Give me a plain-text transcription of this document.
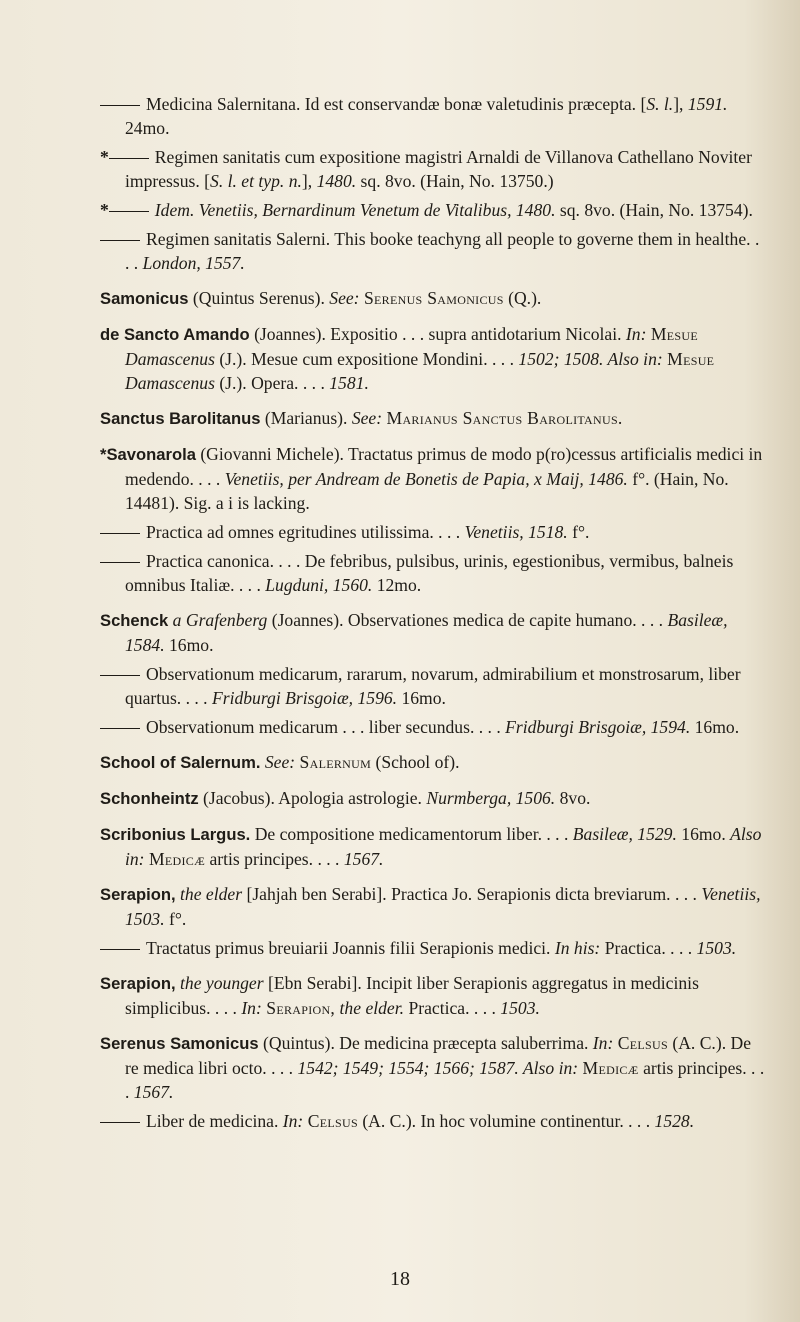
Medicina Salernitana. Id est conservandæ bonæ valetudinis præcepta. [S. l.], 1591. 24mo.

*	Regimen sanitatis cum expositione magistri Arnaldi de Villanova Cathellano Noviter impressus. [S. l. et typ. n.], 1480. sq. 8vo. (Hain, No. 13750.)

*	Idem. Venetiis, Bernardinum Venetum de Vitalibus, 1480. sq. 8vo. (Hain, No. 13754).

Regimen sanitatis Salerni. This booke teachyng all people to governe them in healthe. . . . London, 1557.

Samonicus (Quintus Serenus). See: Serenus Samonicus (Q.).

de Sancto Amando (Joannes). Expositio . . . supra antidotarium Nicolai. In: Mesue Damascenus (J.). Mesue cum expositione Mondini. . . . 1502; 1508. Also in: Mesue Damascenus (J.). Opera. . . . 1581.

Sanctus Barolitanus (Marianus). See: Marianus Sanctus Barolitanus.

*Savonarola (Giovanni Michele). Tractatus primus de modo p(ro)cessus artificialis medici in medendo. . . . Venetiis, per Andream de Bonetis de Papia, x Maij, 1486. f°. (Hain, No. 14481). Sig. a i is lacking.

Practica ad omnes egritudines utilissima. . . . Venetiis, 1518. f°.

Practica canonica. . . . De febribus, pulsibus, urinis, egestionibus, vermibus, balneis omnibus Italiæ. . . . Lugduni, 1560. 12mo.

Schenck a Grafenberg (Joannes). Observationes medica de capite humano. . . . Basileæ, 1584. 16mo.

Observationum medicarum, rararum, novarum, admirabilium et monstrosarum, liber quartus. . . . Fridburgi Brisgoiæ, 1596. 16mo.

Observationum medicarum . . . liber secundus. . . . Fridburgi Brisgoiæ, 1594. 16mo.

School of Salernum. See: Salernum (School of).

Schonheintz (Jacobus). Apologia astrologie. Nurmberga, 1506. 8vo.

Scribonius Largus. De compositione medicamentorum liber. . . . Basileæ, 1529. 16mo. Also in: Medicæ artis principes. . . . 1567.

Serapion, the elder [Jahjah ben Serabi]. Practica Jo. Serapionis dicta breviarum. . . . Venetiis, 1503. f°.

Tractatus primus breuiarii Joannis filii Serapionis medici. In his: Practica. . . . 1503.

Serapion, the younger [Ebn Serabi]. Incipit liber Serapionis aggregatus in medicinis simplicibus. . . . In: Serapion, the elder. Practica. . . . 1503.

Serenus Samonicus (Quintus). De medicina præcepta saluberrima. In: Celsus (A. C.). De re medica libri octo. . . . 1542; 1549; 1554; 1566; 1587. Also in: Medicæ artis principes. . . . 1567.

Liber de medicina. In: Celsus (A. C.). In hoc volumine continentur. . . . 1528.

18
